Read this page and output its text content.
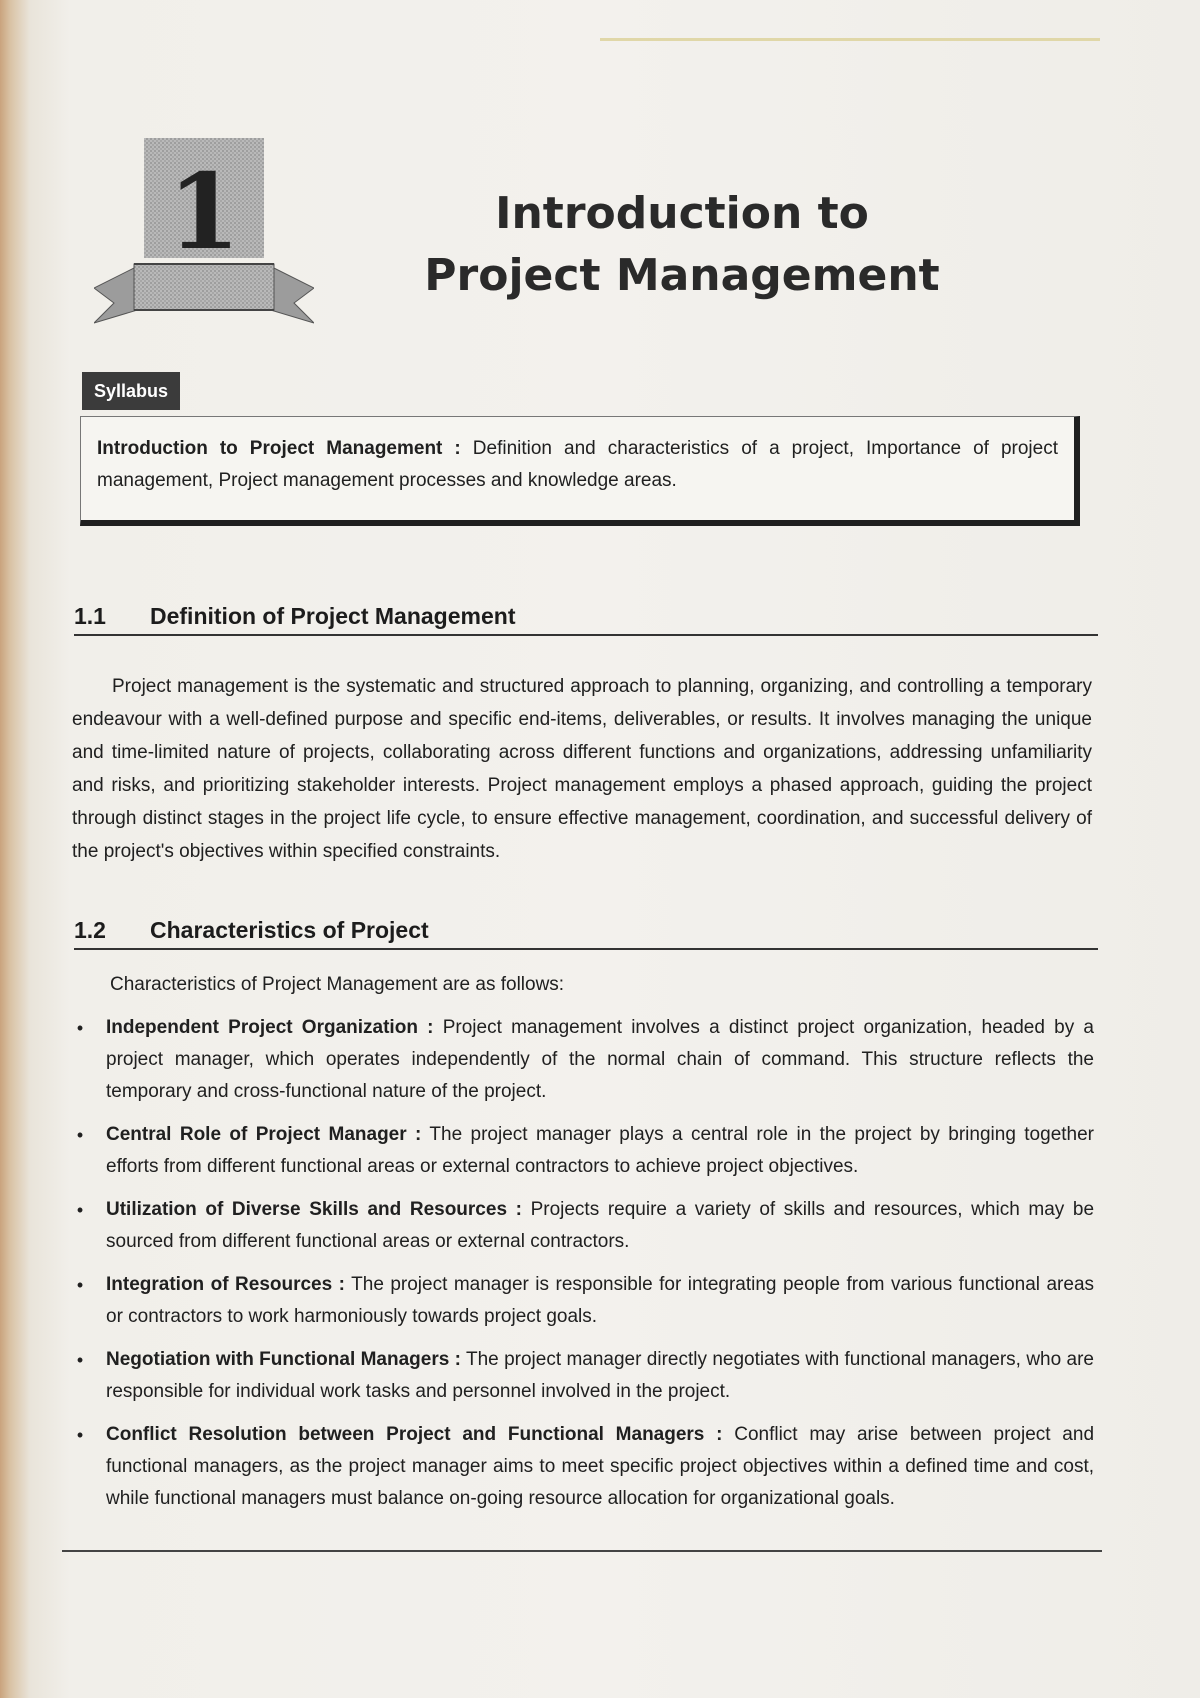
1	Introduction to
Project Management
Syllabus
Introduction to Project Management : Definition and characteristics of a project, Importance of project management, Project management processes and knowledge areas.
1.1 Definition of Project Management
Project management is the systematic and structured approach to planning, organizing, and controlling a temporary endeavour with a well-defined purpose and specific end-items, deliverables, or results. It involves managing the unique and time-limited nature of projects, collaborating across different functions and organizations, addressing unfamiliarity and risks, and prioritizing stakeholder interests. Project management employs a phased approach, guiding the project through distinct stages in the project life cycle, to ensure effective management, coordination, and successful delivery of the project's objectives within specified constraints.
1.2 Characteristics of Project
Characteristics of Project Management are as follows:
•	Independent Project Organization : Project management involves a distinct project organization, headed by a project manager, which operates independently of the normal chain of command. This structure reflects the temporary and cross-functional nature of the project.
•	Central Role of Project Manager : The project manager plays a central role in the project by bringing together efforts from different functional areas or external contractors to achieve project objectives.
•	Utilization of Diverse Skills and Resources : Projects require a variety of skills and resources, which may be sourced from different functional areas or external contractors.
•	Integration of Resources : The project manager is responsible for integrating people from various functional areas or contractors to work harmoniously towards project goals.
•	Negotiation with Functional Managers : The project manager directly negotiates with functional managers, who are responsible for individual work tasks and personnel involved in the project.
•	Conflict Resolution between Project and Functional Managers : Conflict may arise between project and functional managers, as the project manager aims to meet specific project objectives within a defined time and cost, while functional managers must balance on-going resource allocation for organizational goals.
